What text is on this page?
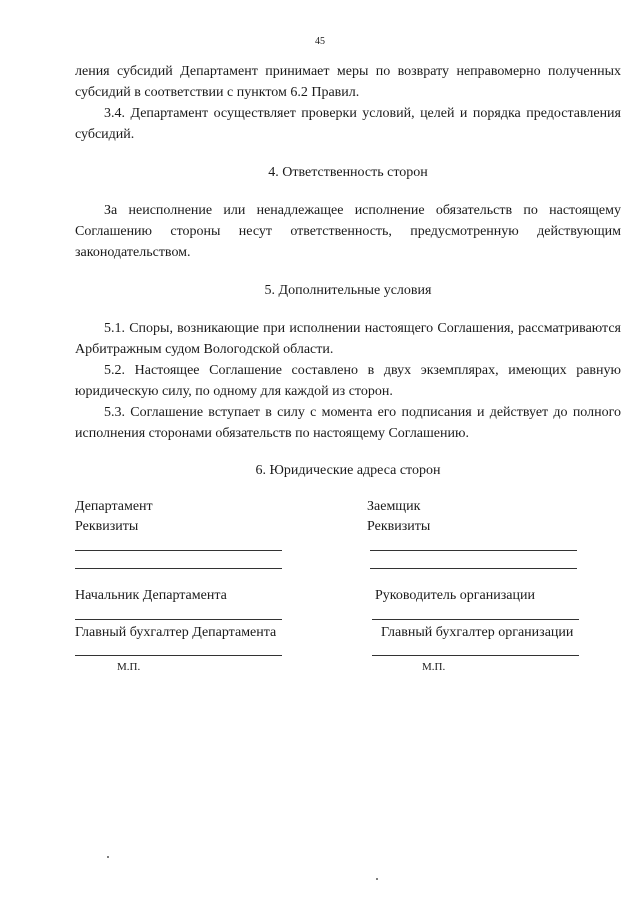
45

ления субсидий Департамент принимает меры по возврату неправомерно полученных субсидий в соответствии с пунктом 6.2 Правил.

3.4. Департамент осуществляет проверки условий, целей и порядка предоставления субсидий.

4. Ответственность сторон

За неисполнение или ненадлежащее исполнение обязательств по настоящему Соглашению стороны несут ответственность, предусмотренную действующим законодательством.

5. Дополнительные условия

5.1. Споры, возникающие при исполнении настоящего Соглашения, рассматриваются Арбитражным судом Вологодской области.

5.2. Настоящее Соглашение составлено в двух экземплярах, имеющих равную юридическую силу, по одному для каждой из сторон.

5.3. Соглашение вступает в силу с момента его подписания и действует до полного исполнения сторонами обязательств по настоящему Соглашению.

6. Юридические адреса сторон

Департамент
Реквизиты
Начальник Департамента
Главный бухгалтер Департамента
М.П.
Заемщик
Реквизиты
Руководитель организации
Главный бухгалтер организации
М.П.
